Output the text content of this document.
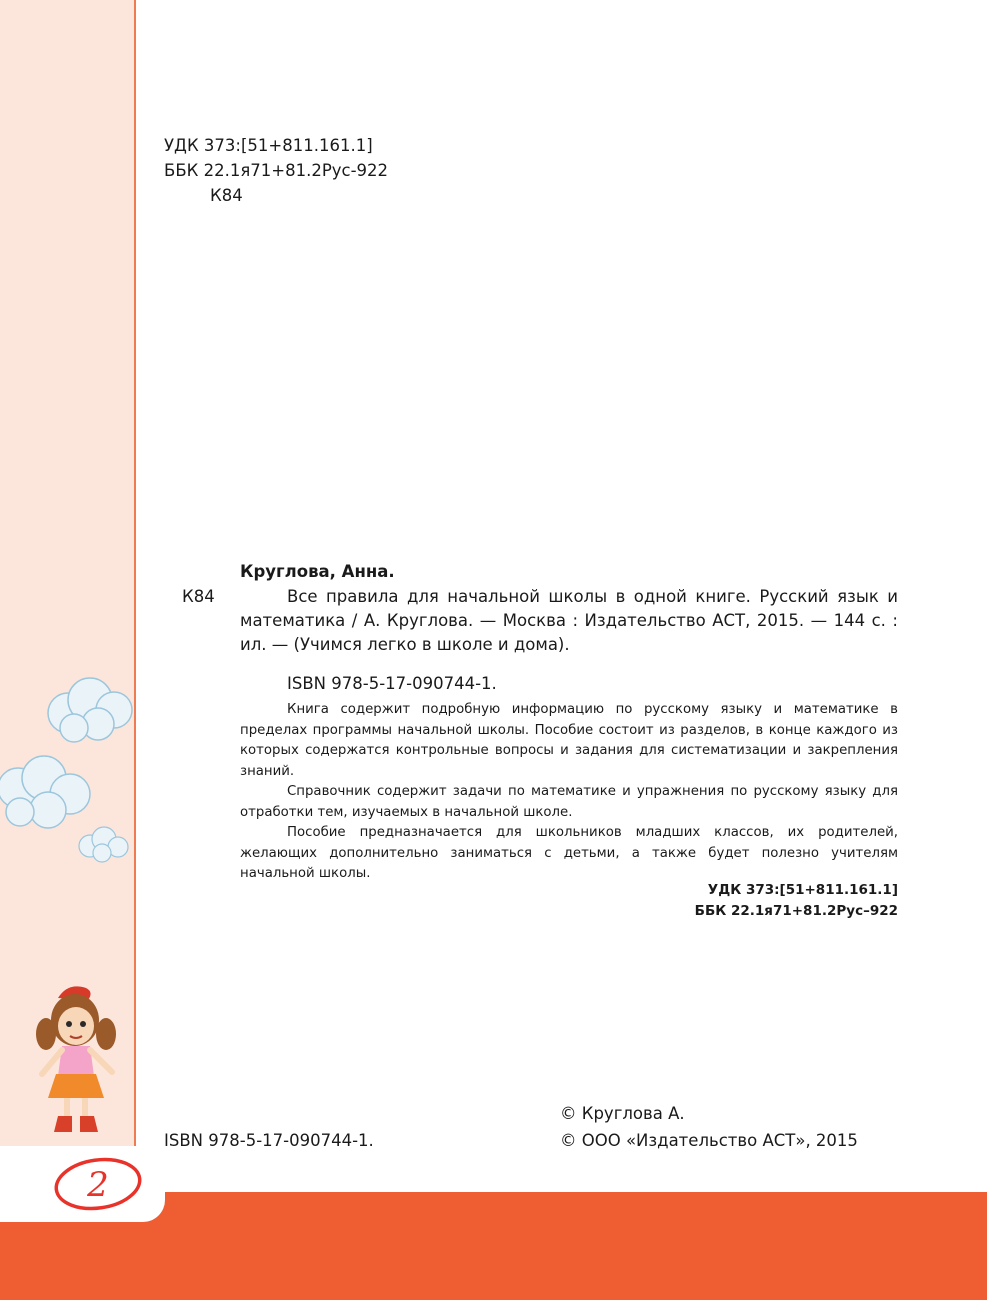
2
УДК 373:[51+811.161.1]
ББК 22.1я71+81.2Рус-922
К84
Круглова, Анна.
К84	Все правила для начальной школы в одной книге. Русский язык и математика / А. Круглова. — Москва : Издательство АСТ, 2015. — 144 с. : ил. — (Учимся легко в школе и дома).

ISBN 978-5-17-090744-1.

Книга содержит подробную информацию по русскому языку и математике в пределах программы начальной школы. Пособие состоит из разделов, в конце каждого из которых содержатся контрольные вопросы и задания для систематизации и закрепления знаний.

Справочник содержит задачи по математике и упражнения по русскому языку для отработки тем, изучаемых в начальной школе.

Пособие предназначается для школьников младших классов, их родителей, желающих дополнительно заниматься с детьми, а также будет полезно учителям начальной школы.

УДК 373:[51+811.161.1]
ББК 22.1я71+81.2Рус–922
ISBN 978-5-17-090744-1.
© Круглова А.
© ООО «Издательство АСТ», 2015
